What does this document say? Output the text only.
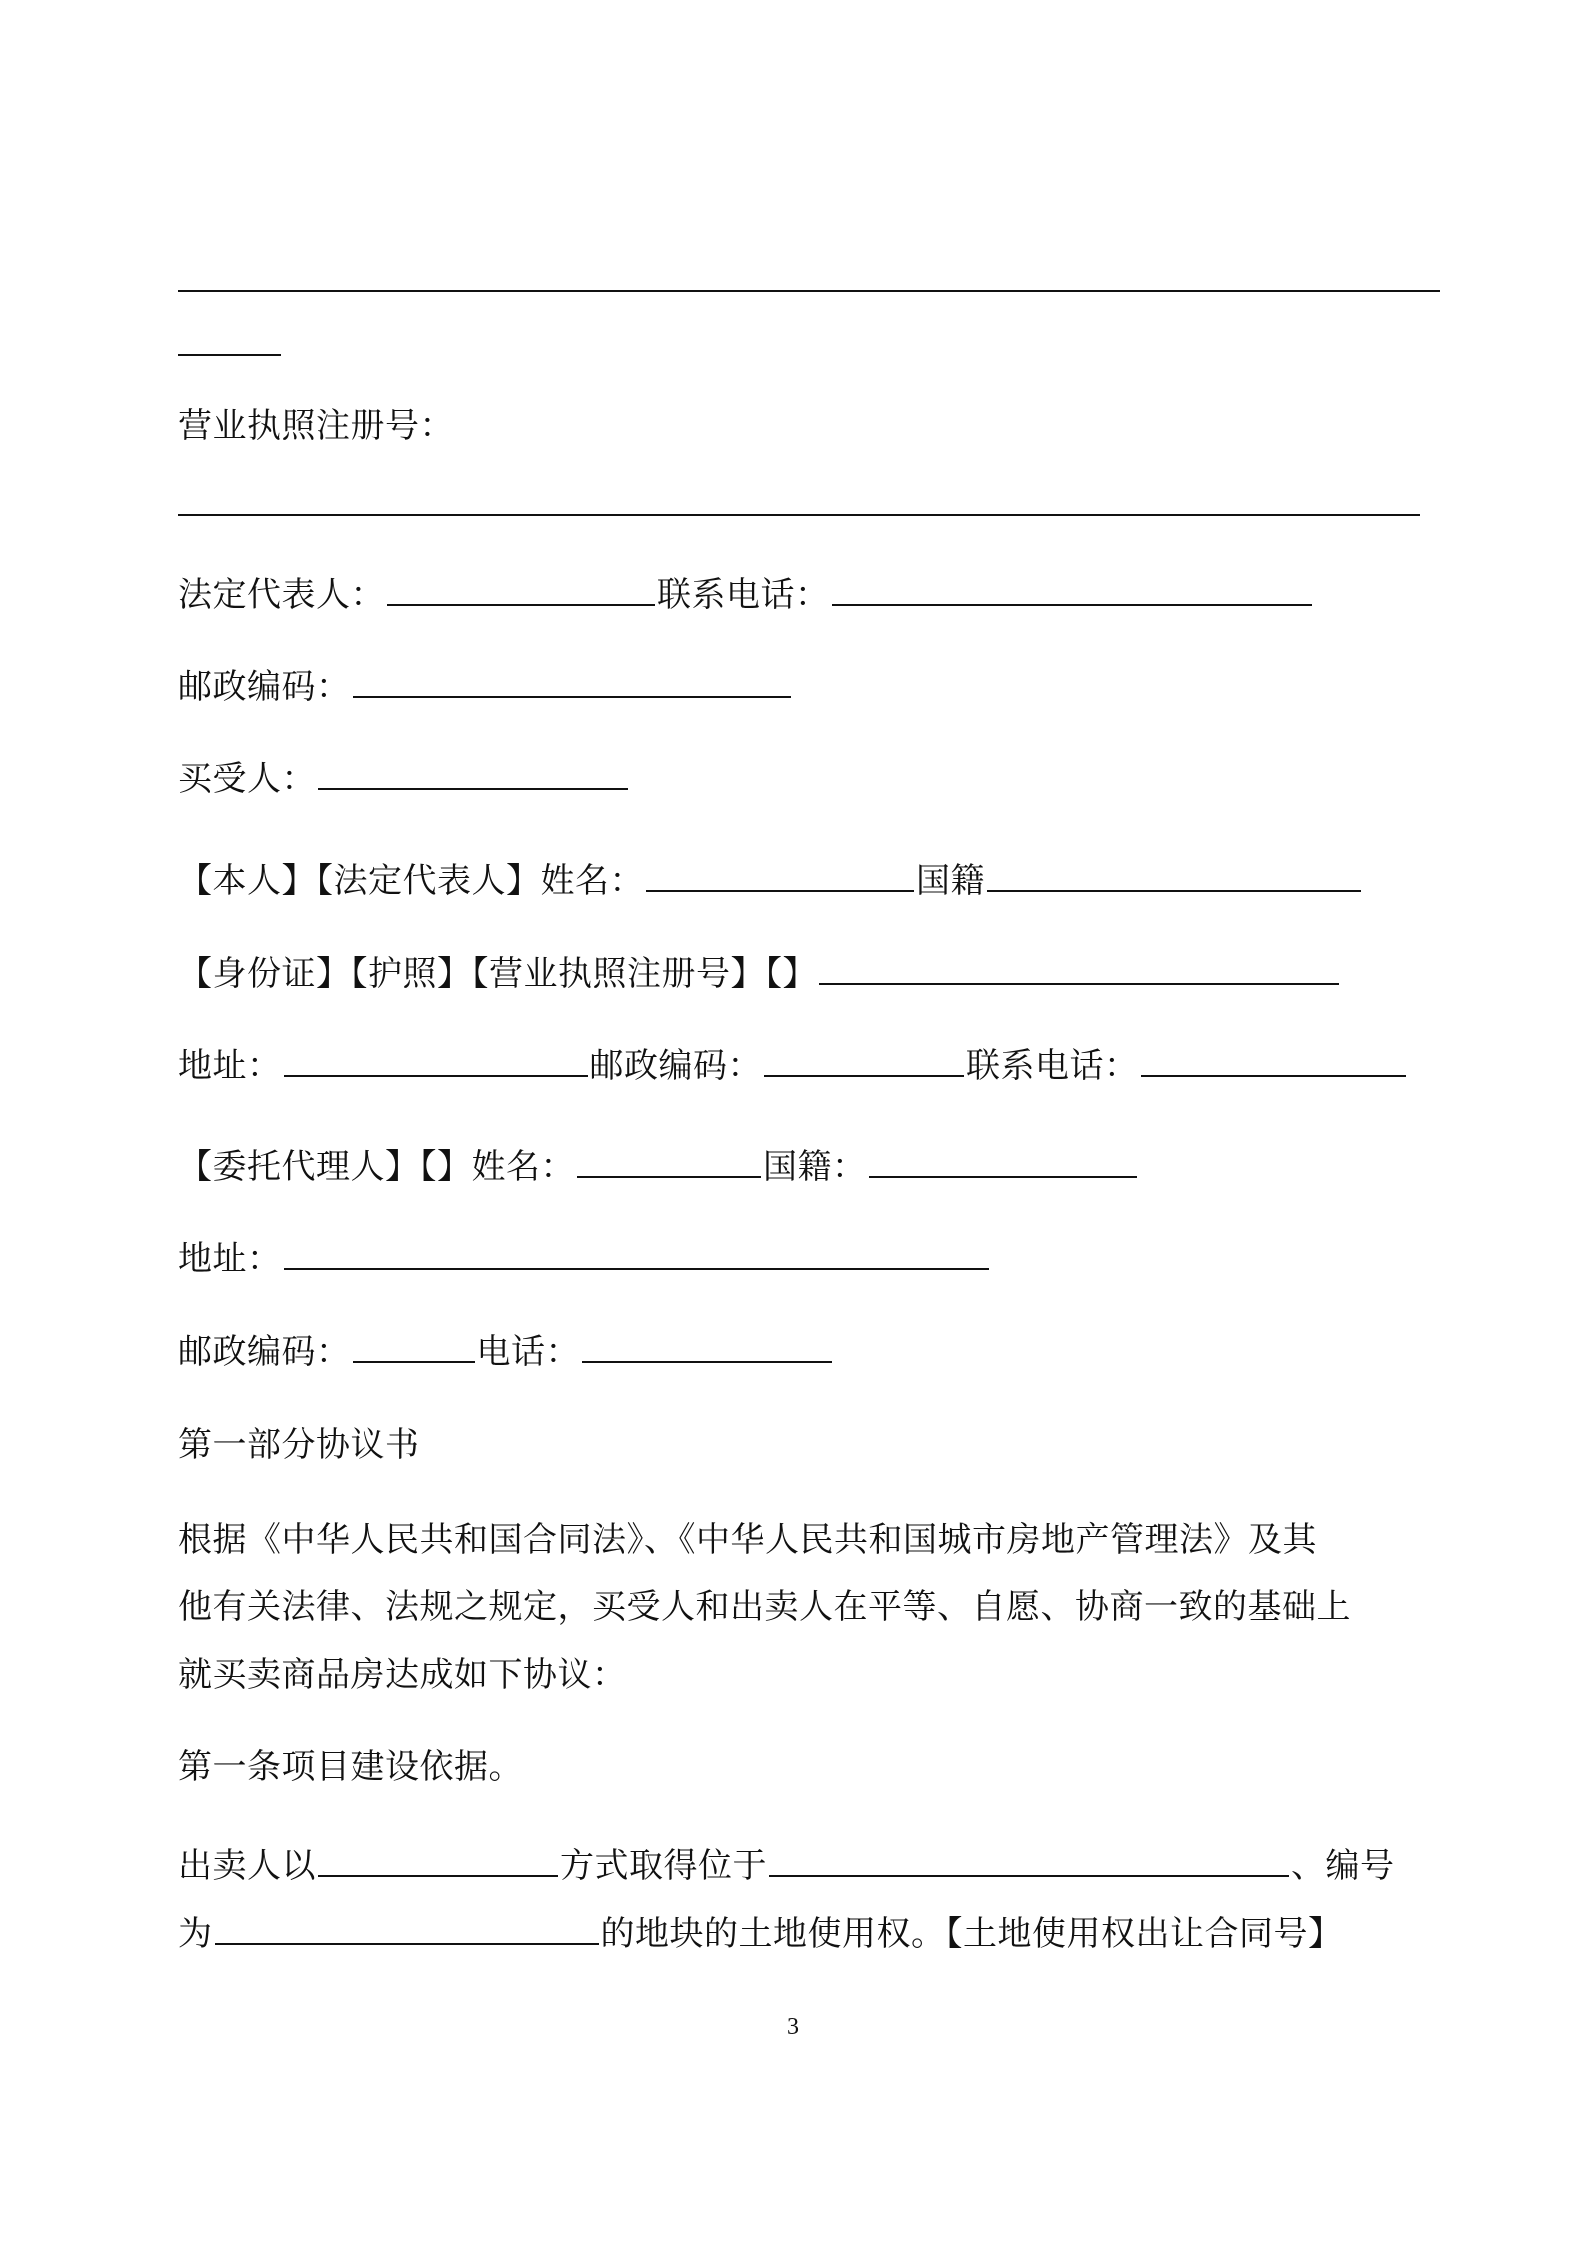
营业执照注册号：
法定代表人：	联系电话：
邮政编码：
买受人：
【本人】【法定代表人】姓名：	国籍
【身份证】【护照】【营业执照注册号】【】
地址：	邮政编码：	联系电话：
【委托代理人】【】姓名：	国籍：
地址：
邮政编码：	电话：
第一部分协议书
根据《中华人民共和国合同法》、《中华人民共和国城市房地产管理法》及其
他有关法律、法规之规定，买受人和出卖人在平等、自愿、协商一致的基础上
就买卖商品房达成如下协议：
第一条项目建设依据。
出卖人以	方式取得位于	、编号
为	的地块的土地使用权。【土地使用权出让合同号】
3
